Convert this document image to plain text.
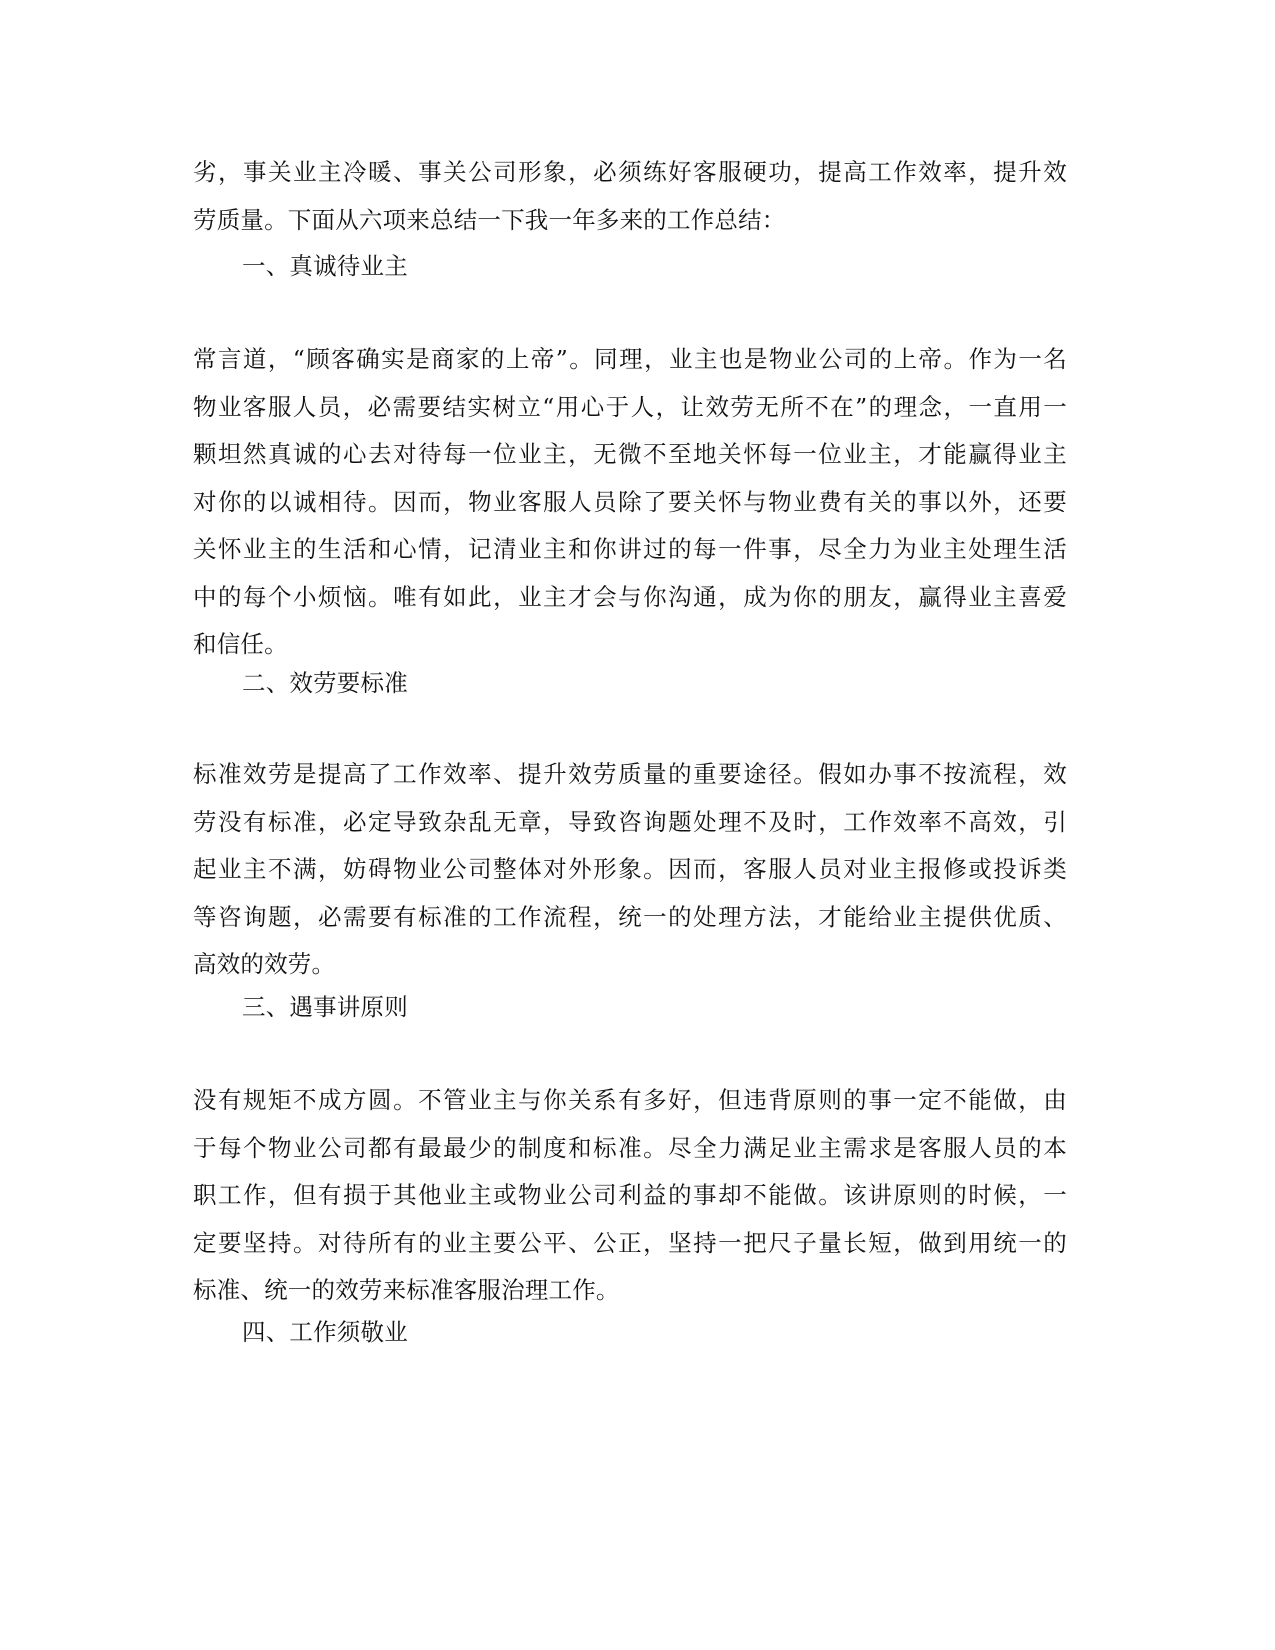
劣，事关业主冷暖、事关公司形象，必须练好客服硬功，提高工作效率，提升效
劳质量。下面从六项来总结一下我一年多来的工作总结：
一、真诚待业主
常言道，“顾客确实是商家的上帝”。同理，业主也是物业公司的上帝。作为一名
物业客服人员，必需要结实树立“用心于人，让效劳无所不在”的理念，一直用一
颗坦然真诚的心去对待每一位业主，无微不至地关怀每一位业主，才能赢得业主
对你的以诚相待。因而，物业客服人员除了要关怀与物业费有关的事以外，还要
关怀业主的生活和心情，记清业主和你讲过的每一件事，尽全力为业主处理生活
中的每个小烦恼。唯有如此，业主才会与你沟通，成为你的朋友，赢得业主喜爱
和信任。
二、效劳要标准
标准效劳是提高了工作效率、提升效劳质量的重要途径。假如办事不按流程，效
劳没有标准，必定导致杂乱无章，导致咨询题处理不及时，工作效率不高效，引
起业主不满，妨碍物业公司整体对外形象。因而，客服人员对业主报修或投诉类
等咨询题，必需要有标准的工作流程，统一的处理方法，才能给业主提供优质、
高效的效劳。
三、遇事讲原则
没有规矩不成方圆。不管业主与你关系有多好，但违背原则的事一定不能做，由
于每个物业公司都有最最少的制度和标准。尽全力满足业主需求是客服人员的本
职工作，但有损于其他业主或物业公司利益的事却不能做。该讲原则的时候，一
定要坚持。对待所有的业主要公平、公正，坚持一把尺子量长短，做到用统一的
标准、统一的效劳来标准客服治理工作。
四、工作须敬业
